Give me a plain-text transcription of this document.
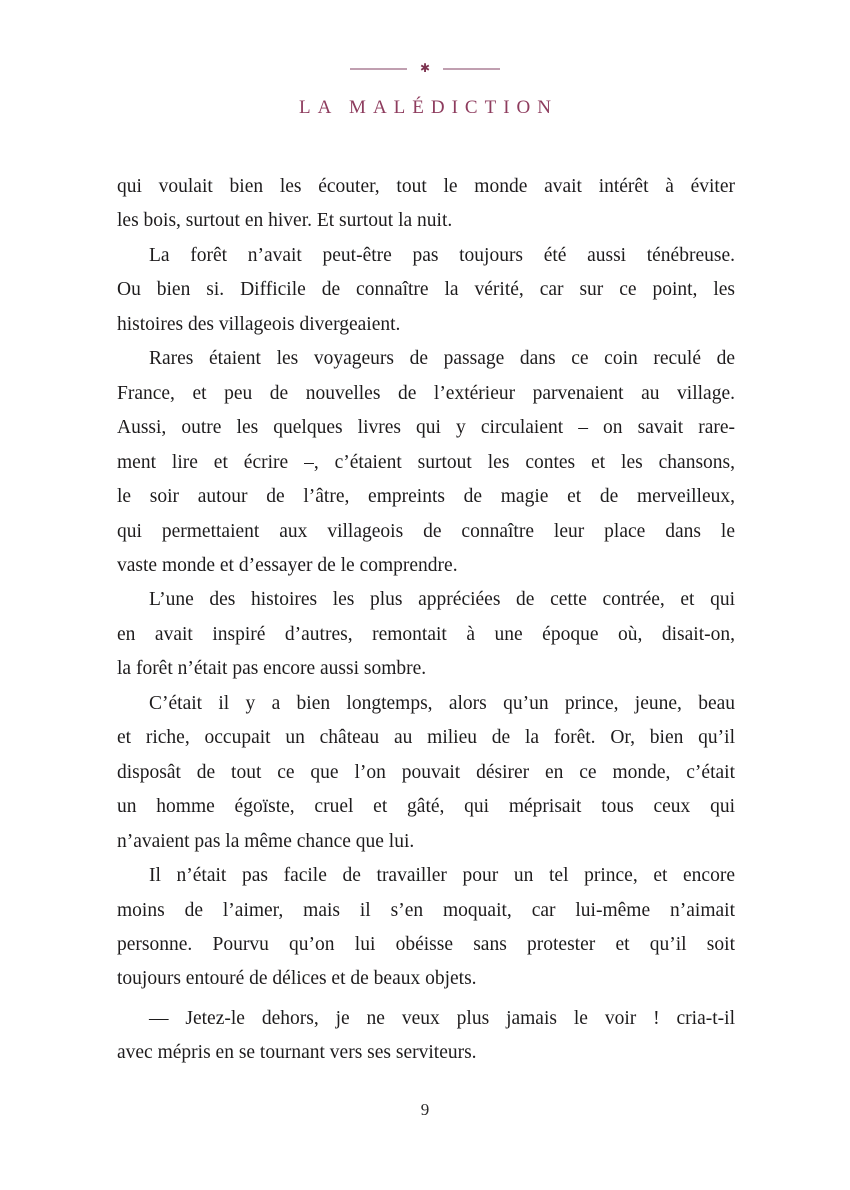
✱
LA MALÉDICTION

qui voulait bien les écouter, tout le monde avait intérêt à éviter
les bois, surtout en hiver. Et surtout la nuit.

La forêt n’avait peut-être pas toujours été aussi ténébreuse.
Ou bien si. Difficile de connaître la vérité, car sur ce point, les
histoires des villageois divergeaient.

Rares étaient les voyageurs de passage dans ce coin reculé de
France, et peu de nouvelles de l’extérieur parvenaient au village.
Aussi, outre les quelques livres qui y circulaient – on savait rare-
ment lire et écrire –, c’étaient surtout les contes et les chansons,
le soir autour de l’âtre, empreints de magie et de merveilleux,
qui permettaient aux villageois de connaître leur place dans le
vaste monde et d’essayer de le comprendre.

L’une des histoires les plus appréciées de cette contrée, et qui
en avait inspiré d’autres, remontait à une époque où, disait-on,
la forêt n’était pas encore aussi sombre.

C’était il y a bien longtemps, alors qu’un prince, jeune, beau
et riche, occupait un château au milieu de la forêt. Or, bien qu’il
disposât de tout ce que l’on pouvait désirer en ce monde, c’était
un homme égoïste, cruel et gâté, qui méprisait tous ceux qui
n’avaient pas la même chance que lui.

Il n’était pas facile de travailler pour un tel prince, et encore
moins de l’aimer, mais il s’en moquait, car lui-même n’aimait
personne. Pourvu qu’on lui obéisse sans protester et qu’il soit
toujours entouré de délices et de beaux objets.

— Jetez-le dehors, je ne veux plus jamais le voir ! cria-t-il
avec mépris en se tournant vers ses serviteurs.

9
